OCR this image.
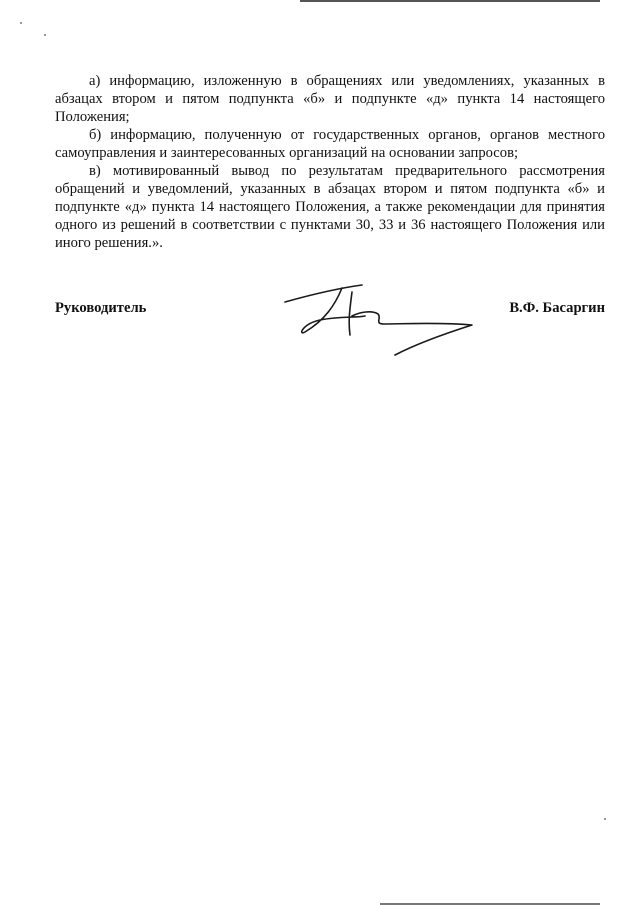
а) информацию, изложенную в обращениях или уведомлениях, указанных в абзацах втором и пятом подпункта «б» и подпункте «д» пункта 14 настоящего Положения;

б) информацию, полученную от государственных органов, органов местного самоуправления и заинтересованных организаций на основании запросов;

в) мотивированный вывод по результатам предварительного рассмотрения обращений и уведомлений, указанных в абзацах втором и пятом подпункта «б» и подпункте «д» пункта 14 настоящего Положения, а также рекомендации для принятия одного из решений в соответствии с пунктами 30, 33 и 36 настоящего Положения или иного решения.».

Руководитель	В.Ф. Басаргин
